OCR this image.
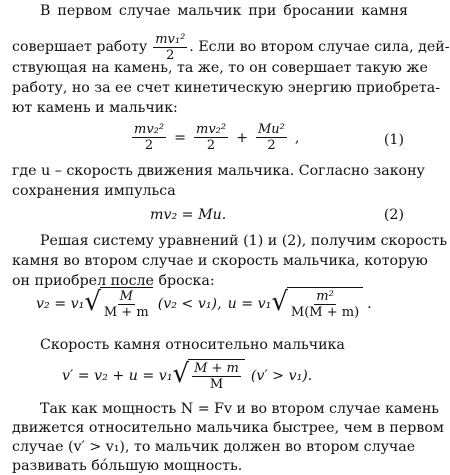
В первом случае мальчик при бросании камня
совершает работу $\frac{\text{mv₁²}}{2}$ . Если во втором случае сила, дей-
ствующая на камень, та же, то он совершает такую же
работу, но за ее счет кинетическую энергию приобрета-
ют камень и мальчик:
$\frac{\text{mv₂²}}{2} = \frac{\text{mv₂²}}{2} + \frac{\text{Mu²}}{2}$ ,	(1)
где u – скорость движения мальчика. Согласно закону
сохранения импульса
mv₂ = Mu.	(2)
Решая систему уравнений (1) и (2), получим скорость
камня во втором случае и скорость мальчика, которую
он приобрел после броска:
v₂ = v₁ √ $\frac{M}{M + m} (v_2 < v_1)$, u = v₁ √ $\frac{\text{m²}}{M(M + m)}$ .
Скорость камня относительно мальчика
v′ = v₂ + u = v₁ √ $\frac{M + m}{M} (v' > v_1)$.
Так как мощность N = Fv и во втором случае камень
движется относительно мальчика быстрее, чем в первом
случае (v′ > v₁), то мальчик должен во втором случае
развивать бóльшую мощность.
